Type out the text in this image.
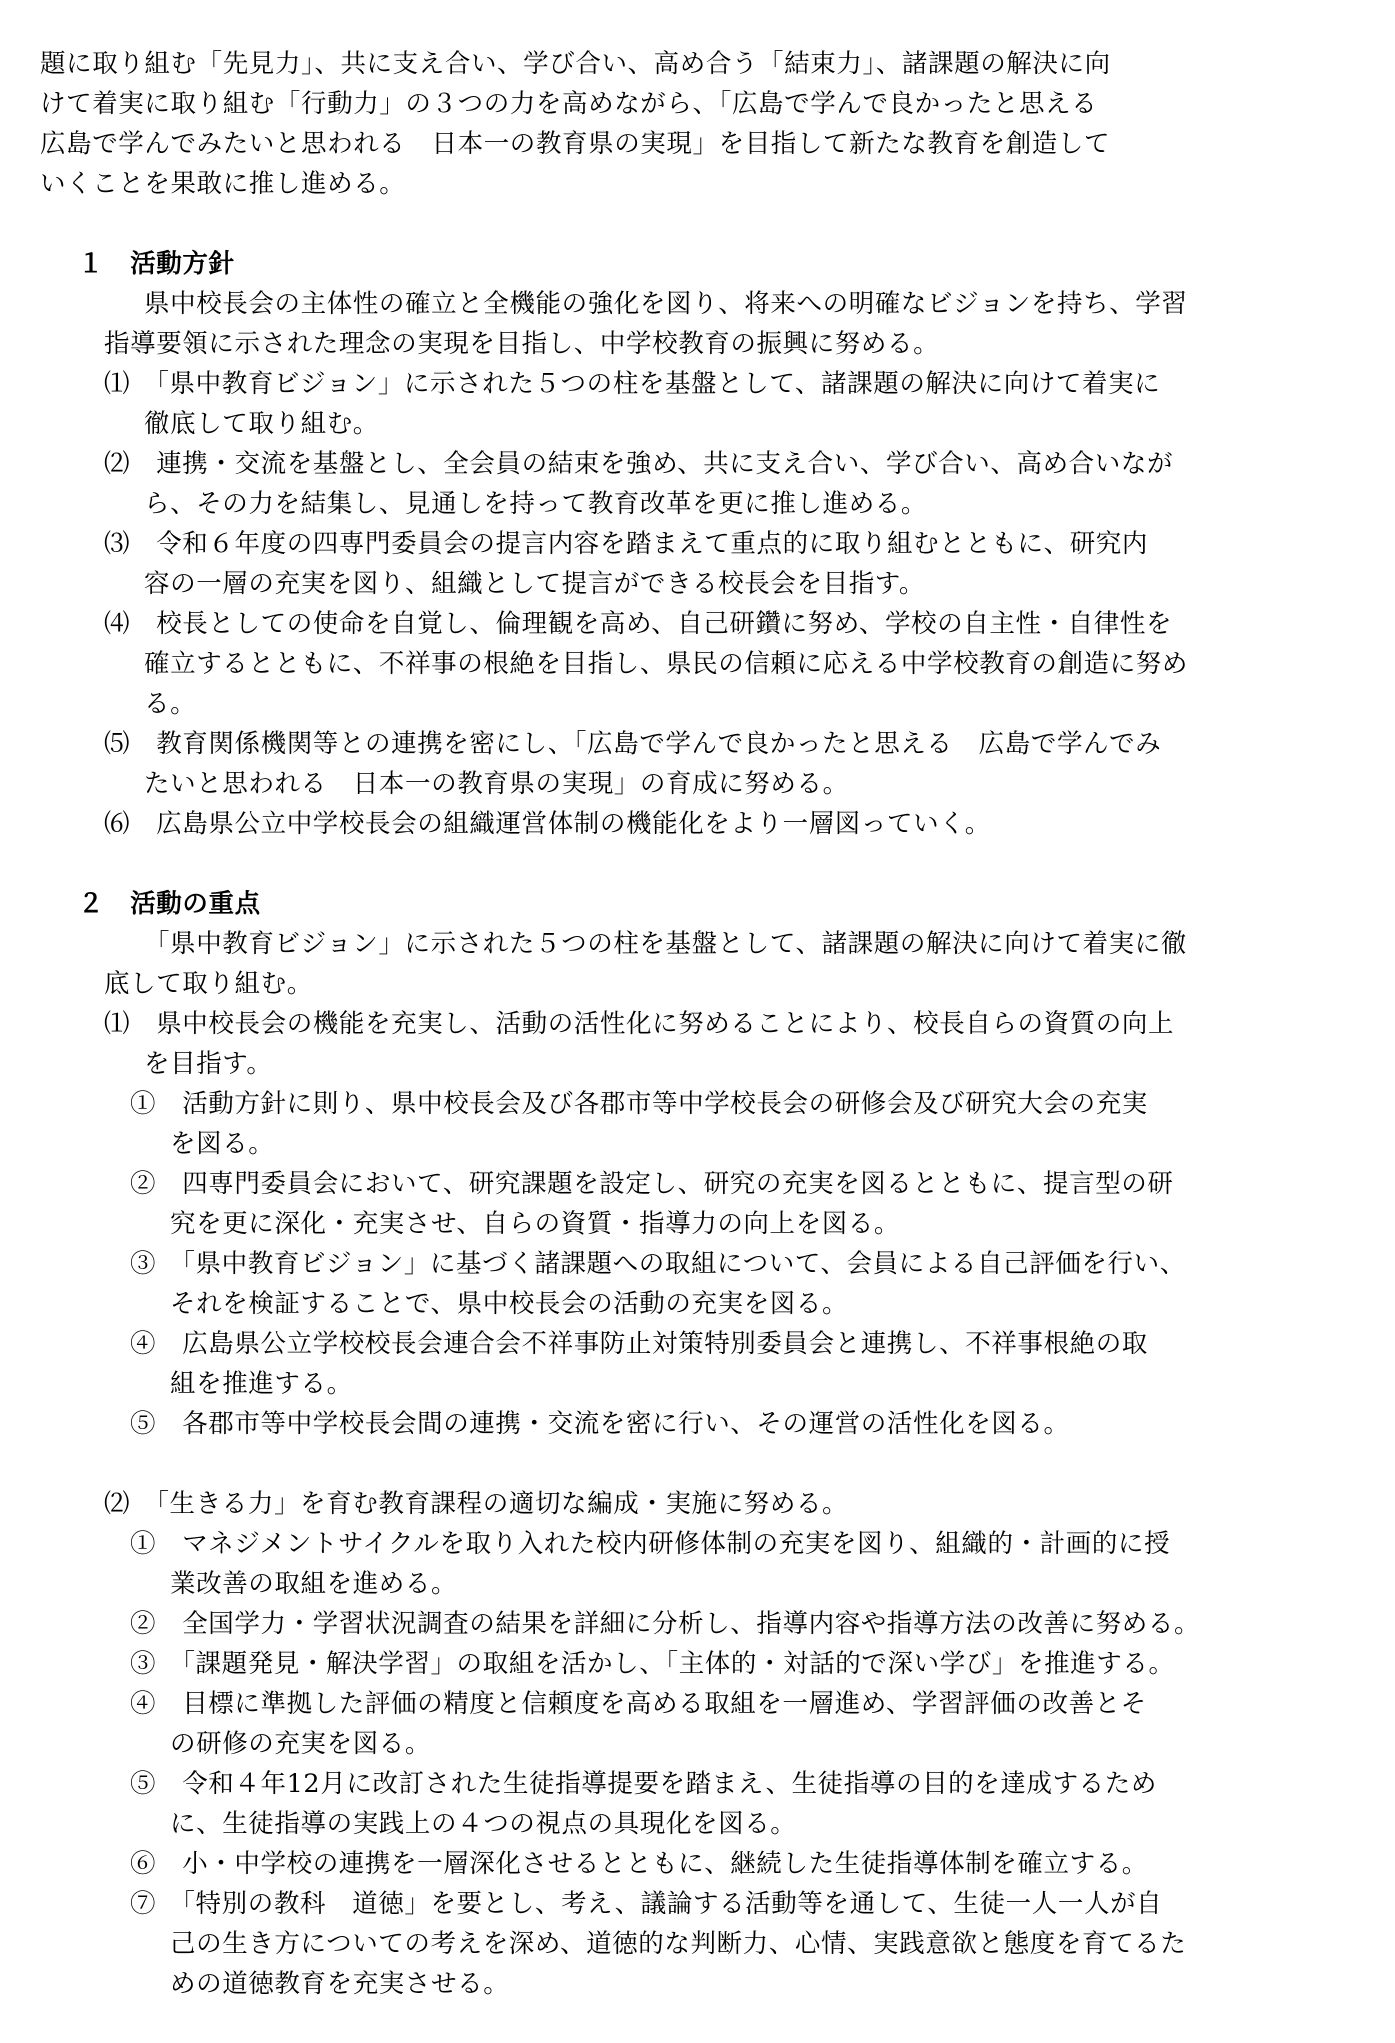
題に取り組む「先見力」、共に支え合い、学び合い、高め合う「結束力」、諸課題の解決に向
けて着実に取り組む「行動力」の３つの力を高めながら、「広島で学んで良かったと思える
広島で学んでみたいと思われる　日本一の教育県の実現」を目指して新たな教育を創造して
いくことを果敢に推し進める。
１　活動方針
県中校長会の主体性の確立と全機能の強化を図り、将来への明確なビジョンを持ち、学習
指導要領に示された理念の実現を目指し、中学校教育の振興に努める。
⑴　「県中教育ビジョン」に示された５つの柱を基盤として、諸課題の解決に向けて着実に
徹底して取り組む。
⑵　連携・交流を基盤とし、全会員の結束を強め、共に支え合い、学び合い、高め合いなが
ら、その力を結集し、見通しを持って教育改革を更に推し進める。
⑶　令和６年度の四専門委員会の提言内容を踏まえて重点的に取り組むとともに、研究内
容の一層の充実を図り、組織として提言ができる校長会を目指す。
⑷　校長としての使命を自覚し、倫理観を高め、自己研鑽に努め、学校の自主性・自律性を
確立するとともに、不祥事の根絶を目指し、県民の信頼に応える中学校教育の創造に努め
る。
⑸　教育関係機関等との連携を密にし、「広島で学んで良かったと思える　広島で学んでみ
たいと思われる　日本一の教育県の実現」の育成に努める。
⑹　広島県公立中学校長会の組織運営体制の機能化をより一層図っていく。
２　活動の重点
「県中教育ビジョン」に示された５つの柱を基盤として、諸課題の解決に向けて着実に徹
底して取り組む。
⑴　県中校長会の機能を充実し、活動の活性化に努めることにより、校長自らの資質の向上
を目指す。
①　活動方針に則り、県中校長会及び各郡市等中学校長会の研修会及び研究大会の充実
を図る。
②　四専門委員会において、研究課題を設定し、研究の充実を図るとともに、提言型の研
究を更に深化・充実させ、自らの資質・指導力の向上を図る。
③　「県中教育ビジョン」に基づく諸課題への取組について、会員による自己評価を行い、
それを検証することで、県中校長会の活動の充実を図る。
④　広島県公立学校校長会連合会不祥事防止対策特別委員会と連携し、不祥事根絶の取
組を推進する。
⑤　各郡市等中学校長会間の連携・交流を密に行い、その運営の活性化を図る。
⑵　「生きる力」を育む教育課程の適切な編成・実施に努める。
①　マネジメントサイクルを取り入れた校内研修体制の充実を図り、組織的・計画的に授
業改善の取組を進める。
②　全国学力・学習状況調査の結果を詳細に分析し、指導内容や指導方法の改善に努める。
③　「課題発見・解決学習」の取組を活かし、「主体的・対話的で深い学び」を推進する。
④　目標に準拠した評価の精度と信頼度を高める取組を一層進め、学習評価の改善とそ
の研修の充実を図る。
⑤　令和４年12月に改訂された生徒指導提要を踏まえ、生徒指導の目的を達成するため
に、生徒指導の実践上の４つの視点の具現化を図る。
⑥　小・中学校の連携を一層深化させるとともに、継続した生徒指導体制を確立する。
⑦　「特別の教科　道徳」を要とし、考え、議論する活動等を通して、生徒一人一人が自
己の生き方についての考えを深め、道徳的な判断力、心情、実践意欲と態度を育てるた
めの道徳教育を充実させる。
